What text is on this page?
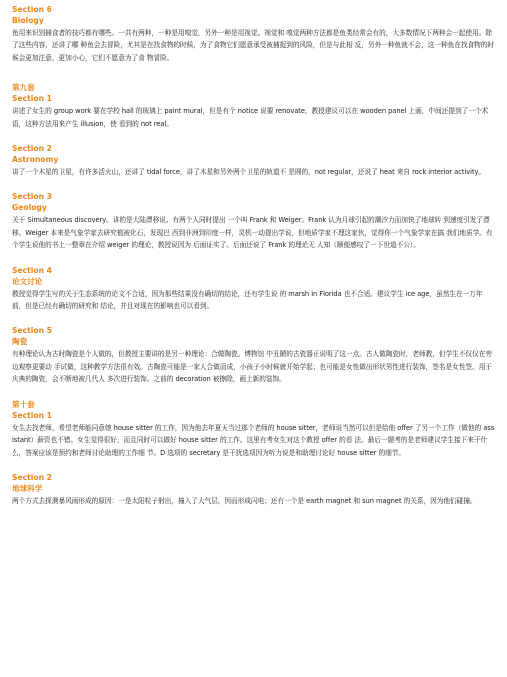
Section 6
Biology

鱼用来识别捕食者的技巧都有哪些。一共有两种，一种是用嗅觉，另外一种是用视觉。视觉和 嗅觉两种方法都是鱼类经常会有的，大多数情况下两种会一起使用。除了这些内容，还讲了哪 种鱼会去冒险，尤其是在找食物的时候，为了食物它们愿意承受被捕捉到的风险，但是与此相 反，另外一种鱼就不会，这一种鱼在找食物的时候会更加注意，更加小心，它们不愿意为了食 物冒险。

第九套
Section 1

讲述了女生的 group work 要在学校 hall 的玻璃上 paint mural，但是有个 notice 说要 renovate，教授建议可以在 wooden panel 上画，中间还提到了一个术语，这种方法用来产生 illusion，使 看到的 not real。

Section 2
Astronomy

讲了一个木星的卫星，有许多活火山，还讲了 tidal force，讲了木星和另外两个卫星的轨道不 是圆的，not regular，还说了 heat 来自 rock interior activity。

Section 3
Geology

关于 Simultaneous discovery。讲的是大陆漂移说。有两个人同时提出 一个叫 Frank 和 Weiger。Frank 认为月球引起的潮汐力而加快了地球转 到速度引发了漂移。Weiger 本来是气象学家去研究植被化石，发现巴 西到非洲到印度一样，灵机一动提出学说，但地质学家不理这家伙，觉得你一个气象学家在搞 我们地质学。有个学生说他的书上一整章在介绍 weiger 的理论，教授说因为 后面证实了。后面还说了 Frank 的理论无 人知（顺便感叹了一下世道不公）。

Section 4
论文讨论

教授觉得学生写的关于生态系统的论文不合适，因为那些结果没有确切的结论，还有学生说 的 marsh in Florida 也不合适。建议学生 ice age，虽然生在一万年前，但是已经有确切的研究和 结论，并且对现在的影响也可以看到。

Section 5
陶瓷

有种理论认为古时陶瓷是个人做的，但教授主要讲的是另一种理论：合做陶瓷。博物馆 中丑陋的古瓷器正说明了这一点。古人做陶瓷时，老师教，但学生不仅仅在旁边观察更要动 手试做，这种教学方法很有效。古陶瓷可能是一家人合做而成，小孩子小时候就开始学起；也可能是女性做出形状男性进行装饰，签名是女性签。用于庆典的陶瓷，会不断地被几代人 多次进行装饰。之前的 decoration 被擦除，画上新的装饰。

第十套
Section 1

女生去找老师，希望老师能同意她 house sitter 的工作，因为他去年夏天当过那个老师的 house sitter，老师说当然可以但是给他 offer 了另一个工作（做他的 assistant）薪资也不错。女生觉得很好，而且同时可以做好 house sitter 的工作。这里有考女生对这个教授 offer 的看 法。最后一题考的是老师建议学生接下来干什么，答案应该是预约和老师讨论助理的工作细 节。D 选项的 secretary 是干扰选项因为听力说是和助理讨论好 house sitter 的细节。

Section 2
地球科学

两个方式去探测暴风雨形成的原因：一是太阳粒子射出，撞入了大气层，因而形成闪电；还有一个是 earth magnet 和 sun magnet 的关系，因为他们碰撞。
